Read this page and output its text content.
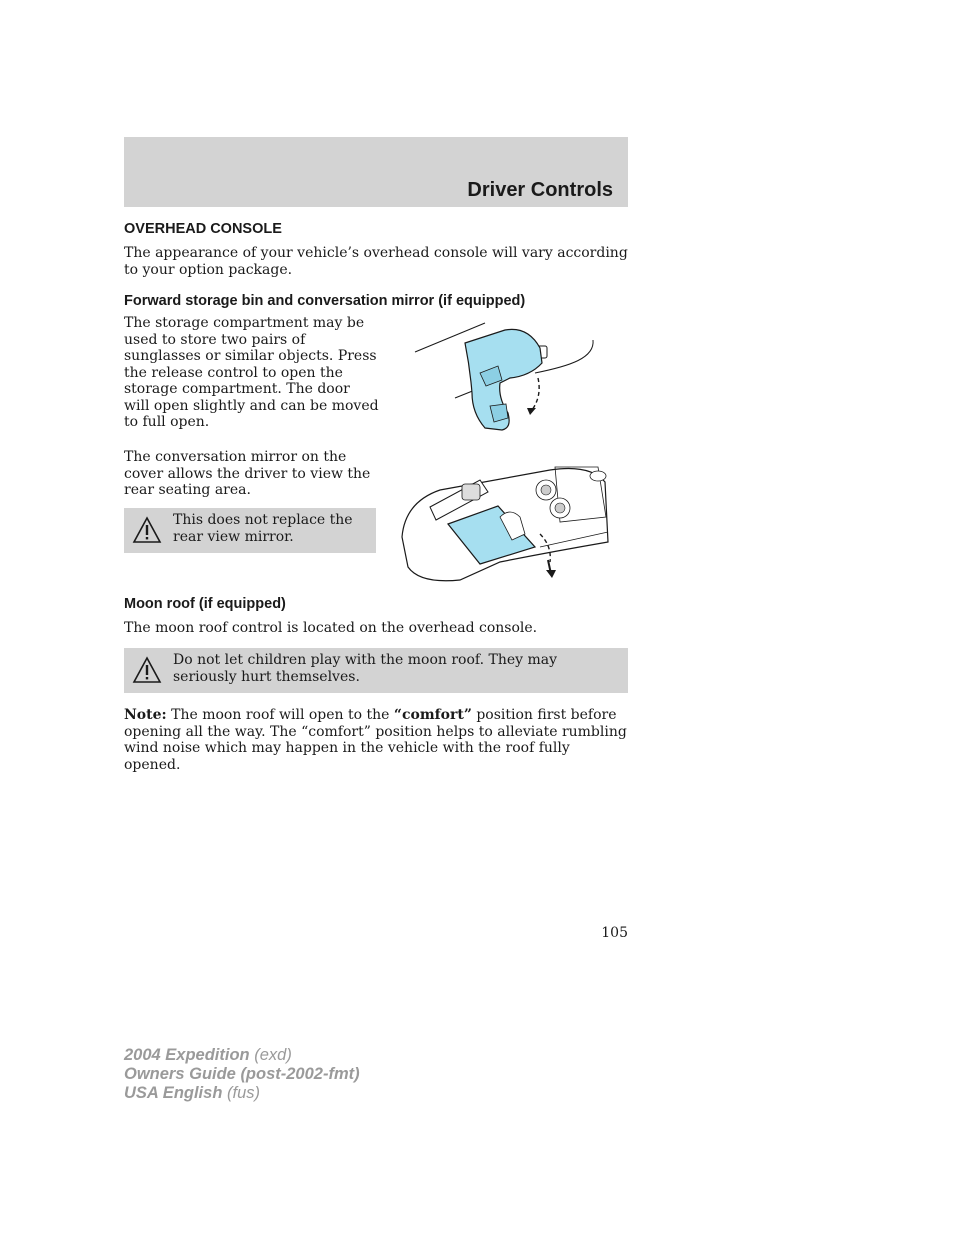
Driver Controls
OVERHEAD CONSOLE
The appearance of your vehicle’s overhead console will vary according to your option package.
Forward storage bin and conversation mirror (if equipped)
The storage compartment may be used to store two pairs of sunglasses or similar objects. Press the release control to open the storage compartment. The door will open slightly and can be moved to full open.
The conversation mirror on the cover allows the driver to view the rear seating area.
This does not replace the rear view mirror.
Moon roof (if equipped)
The moon roof control is located on the overhead console.
Do not let children play with the moon roof. They may seriously hurt themselves.
Note: The moon roof will open to the “comfort” position first before opening all the way. The “comfort” position helps to alleviate rumbling wind noise which may happen in the vehicle with the roof fully opened.
105
2004 Expedition (exd)
Owners Guide (post-2002-fmt)
USA English (fus)
